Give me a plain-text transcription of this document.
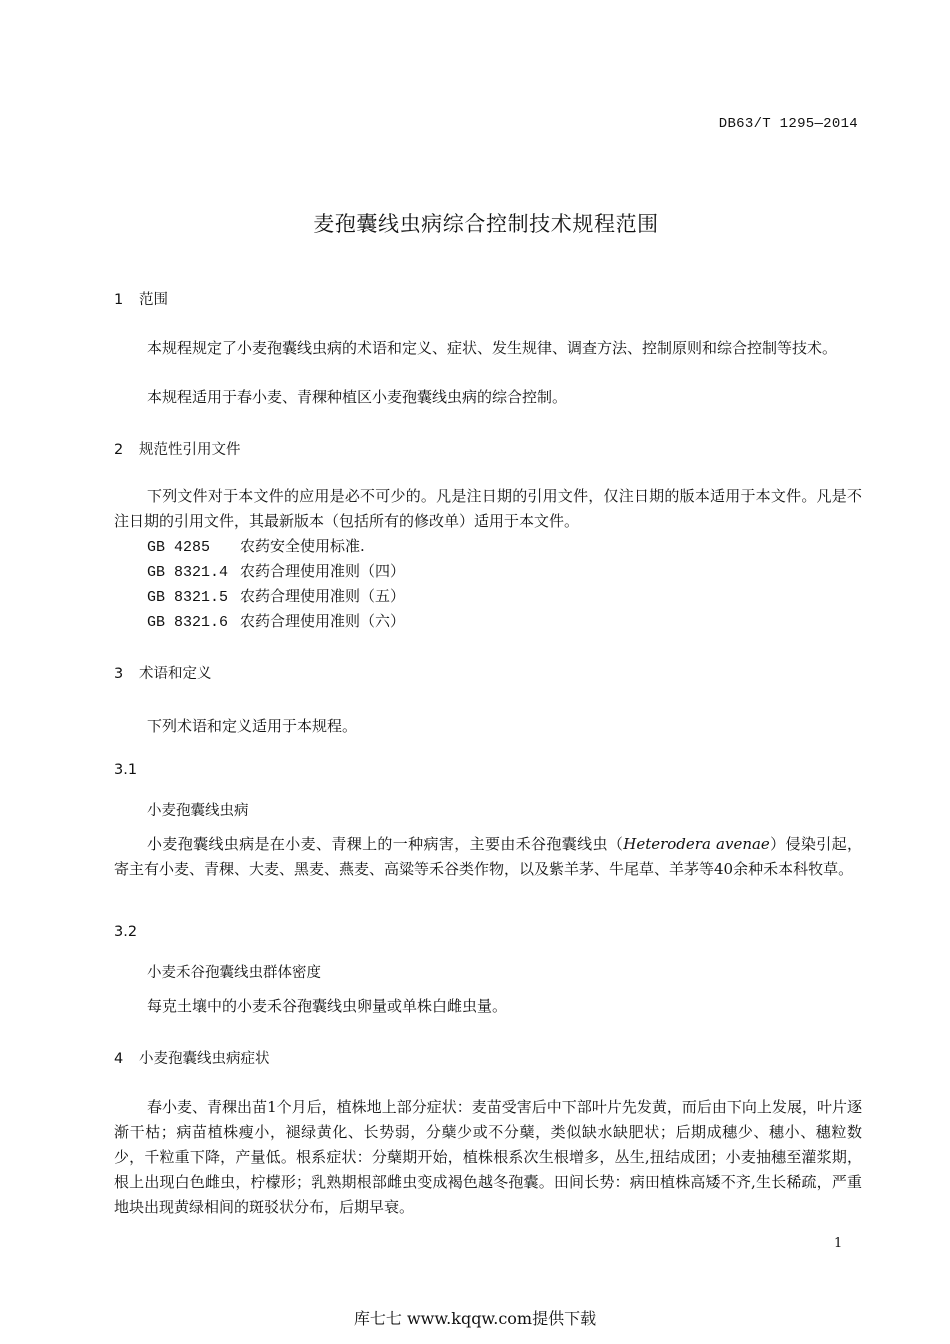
DB63/T 1295—2014
麦孢囊线虫病综合控制技术规程范围
1 范围
本规程规定了小麦孢囊线虫病的术语和定义、症状、发生规律、调查方法、控制原则和综合控制等技术。
本规程适用于春小麦、青稞种植区小麦孢囊线虫病的综合控制。
2 规范性引用文件
下列文件对于本文件的应用是必不可少的。凡是注日期的引用文件，仅注日期的版本适用于本文件。凡是不注日期的引用文件，其最新版本（包括所有的修改单）适用于本文件。
GB 4285 农药安全使用标准.
GB 8321.4 农药合理使用准则（四）
GB 8321.5 农药合理使用准则（五）
GB 8321.6 农药合理使用准则（六）
3 术语和定义
下列术语和定义适用于本规程。
3.1
小麦孢囊线虫病
小麦孢囊线虫病是在小麦、青稞上的一种病害，主要由禾谷孢囊线虫（Heterodera avenae）侵染引起，寄主有小麦、青稞、大麦、黑麦、燕麦、高粱等禾谷类作物，以及紫羊茅、牛尾草、羊茅等40余种禾本科牧草。
3.2
小麦禾谷孢囊线虫群体密度
每克土壤中的小麦禾谷孢囊线虫卵量或单株白雌虫量。
4 小麦孢囊线虫病症状
春小麦、青稞出苗1个月后，植株地上部分症状：麦苗受害后中下部叶片先发黄，而后由下向上发展，叶片逐渐干枯；病苗植株瘦小，褪绿黄化、长势弱，分蘖少或不分蘖，类似缺水缺肥状；后期成穗少、穗小、穗粒数少，千粒重下降，产量低。根系症状：分蘖期开始，植株根系次生根增多，丛生,扭结成团；小麦抽穗至灌浆期，根上出现白色雌虫，柠檬形；乳熟期根部雌虫变成褐色越冬孢囊。田间长势：病田植株高矮不齐,生长稀疏，严重地块出现黄绿相间的斑驳状分布，后期早衰。
1
库七七 www.kqqw.com提供下载
